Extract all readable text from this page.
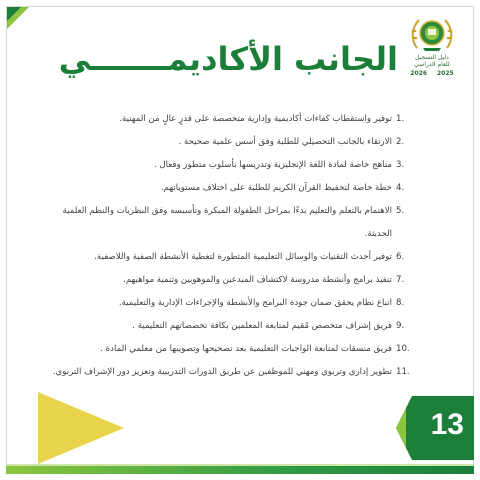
دليل التسجيل
للعام الدراسي
2026 2025
الجانب الأكاديمـــــــي
1.
توفير واستقطاب كفاءات أكاديمية وإدارية متخصصة على قدرٍ عالٍ من المهنية.
2.
الارتقاء بالجانب التحصيلي للطلبة وفق أسس علمية صحيحة .
3.
مناهج خاصة لمادة اللغة الإنجليزية وتدريسها بأسلوب متطور وفعال .
4.
خطة خاصة لتحفيظ القرآن الكريم للطلبة على اختلاف مستوياتهم.
5.
الاهتمام بالتعلم والتعليم بدءًا بمراحل الطفولة المبكرة وتأسيسه وفق النظريات والنظم العلمية الحديثة.
6.
توفير أحدث التقنيات والوسائل التعليمية المتطورة لتغطية الأنشطة الصفية واللاصفية.
7.
تنفيذ برامج وأنشطة مدروسة لاكتشاف المبدعين والموهوبين وتنمية مواهبهم.
8.
اتباع نظام يحقق ضمان جودة البرامج والأنشطة والإجراءات الإدارية والتعليمية.
9.
فريق إشراف متخصص مُقيم لمتابعة المعلمين بكافة تخصصاتهم التعليمية .
10.
فريق منسقات لمتابعة الواجبات التعليمية بعد تصحيحها وتصويبها من معلمي المادة .
11.
تطوير إداري وتربوي ومهني للموظفين عن طريق الدورات التدريبية وتعزيز دور الإشراف التربوي.
13
